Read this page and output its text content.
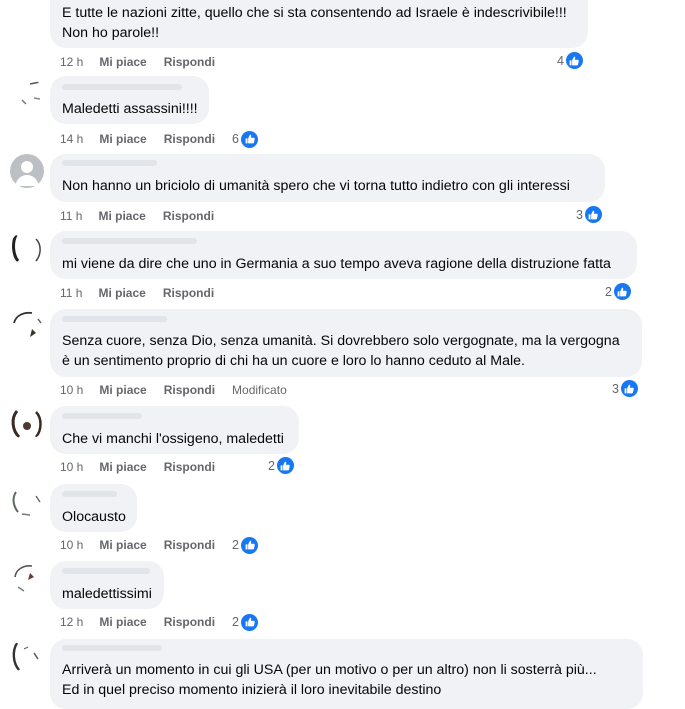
E tutte le nazioni zitte, quello che si sta consentendo ad Israele è indescrivibile!!!
Non ho parole!!
12 h Mi piace Rispondi	4
Maledetti assassini!!!!
14 h Mi piace Rispondi 6
Non hanno un briciolo di umanità spero che vi torna tutto indietro con gli interessi
11 h Mi piace Rispondi	3
mi viene da dire che uno in Germania a suo tempo aveva ragione della distruzione fatta
11 h Mi piace Rispondi	2
Senza cuore, senza Dio, senza umanità. Si dovrebbero solo vergognate, ma la vergogna
è un sentimento proprio di chi ha un cuore e loro lo hanno ceduto al Male.
10 h Mi piace Rispondi Modificato	3
Che vi manchi l'ossigeno, maledetti
10 h Mi piace Rispondi	2
Olocausto
10 h Mi piace Rispondi 2
maledettissimi
12 h Mi piace Rispondi 2
Arriverà un momento in cui gli USA (per un motivo o per un altro) non li sosterrà più...
Ed in quel preciso momento inizierà il loro inevitabile destino
